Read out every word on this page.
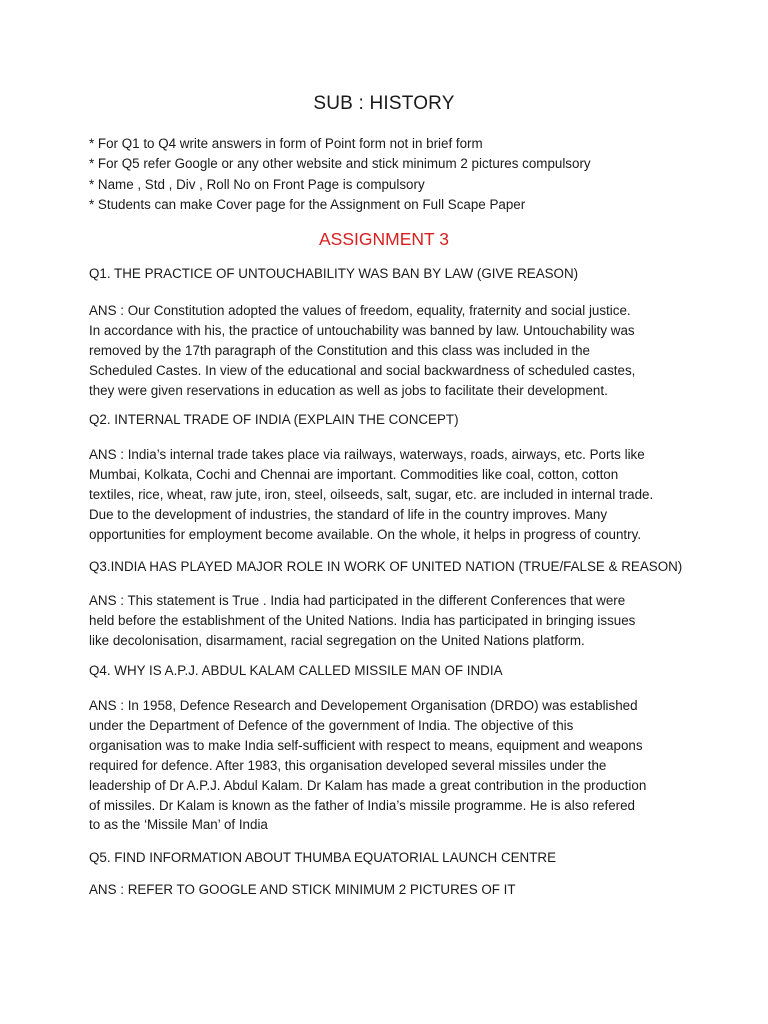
SUB : HISTORY
* For Q1 to Q4 write answers in form of Point form not in brief form
* For Q5 refer Google or any other website and stick minimum 2 pictures compulsory
* Name , Std , Div , Roll No on Front Page is compulsory
* Students can make Cover page for the Assignment on Full Scape Paper
ASSIGNMENT 3
Q1. THE PRACTICE OF UNTOUCHABILITY WAS BAN BY LAW (GIVE REASON)
ANS : Our Constitution adopted the values of freedom, equality, fraternity and social justice.
In accordance with his, the practice of untouchability was banned by law. Untouchability was
removed by the 17th paragraph of the Constitution and this class was included in the
Scheduled Castes. In view of the educational and social backwardness of scheduled castes,
they were given reservations in education as well as jobs to facilitate their development.
Q2. INTERNAL TRADE OF INDIA (EXPLAIN THE CONCEPT)
ANS : India’s internal trade takes place via railways, waterways, roads, airways, etc. Ports like
Mumbai, Kolkata, Cochi and Chennai are important. Commodities like coal, cotton, cotton
textiles, rice, wheat, raw jute, iron, steel, oilseeds, salt, sugar, etc. are included in internal trade.
Due to the development of industries, the standard of life in the country improves. Many
opportunities for employment become available. On the whole, it helps in progress of country.
Q3.INDIA HAS PLAYED MAJOR ROLE IN WORK OF UNITED NATION (TRUE/FALSE & REASON)
ANS : This statement is True . India had participated in the different Conferences that were
held before the establishment of the United Nations. India has participated in bringing issues
like decolonisation, disarmament, racial segregation on the United Nations platform.
Q4. WHY IS A.P.J. ABDUL KALAM CALLED MISSILE MAN OF INDIA
ANS : In 1958, Defence Research and Developement Organisation (DRDO) was established
under the Department of Defence of the government of India. The objective of this
organisation was to make India self-sufficient with respect to means, equipment and weapons
required for defence. After 1983, this organisation developed several missiles under the
leadership of Dr A.P.J. Abdul Kalam. Dr Kalam has made a great contribution in the production
of missiles. Dr Kalam is known as the father of India’s missile programme. He is also refered
to as the ‘Missile Man’ of India
Q5. FIND INFORMATION ABOUT THUMBA EQUATORIAL LAUNCH CENTRE
ANS : REFER TO GOOGLE AND STICK MINIMUM 2 PICTURES OF IT
